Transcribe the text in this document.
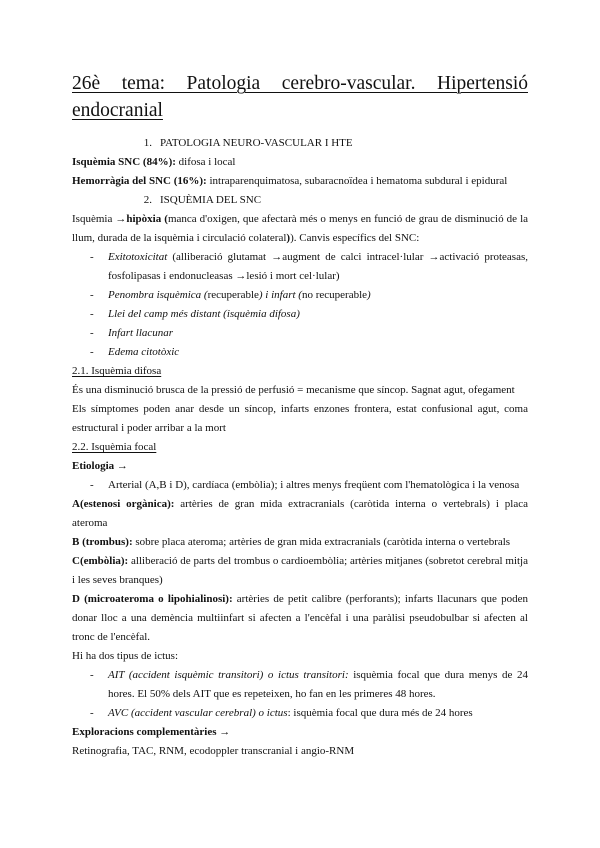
26è tema: Patologia cerebro-vascular. Hipertensió
endocranial

1. PATOLOGIA NEURO-VASCULAR I HTE

Isquèmia SNC (84%): difosa i local

Hemorràgia del SNC (16%): intraparenquimatosa, subaracnoïdea i hematoma subdural i epidural

2. ISQUÈMIA DEL SNC

Isquèmia →hipòxia (manca d'oxigen, que afectarà més o menys en funció de grau de disminució de la llum, durada de la isquèmia i circulació colateral)). Canvis específics del SNC:

- Exitotoxicitat (alliberació glutamat →augment de calci intracel·lular →activació proteasas, fosfolipasas i endonucleasas →lesió i mort cel·lular)

- Penombra isquèmica (recuperable) i infart (no recuperable)

- Llei del camp més distant (isquèmia difosa)

- Infart llacunar

- Edema citotòxic

2.1. Isquèmia difosa

És una disminució brusca de la pressió de perfusió = mecanisme que síncop. Sagnat agut, ofegament

Els símptomes poden anar desde un síncop, infarts enzones frontera, estat confusional agut, coma estructural i poder arribar a la mort

2.2. Isquèmia focal

Etiologia →

- Arterial (A,B i D), cardíaca (embòlia); i altres menys freqüent com l'hematològica i la venosa

A(estenosi orgànica): artèries de gran mida extracranials (caròtida interna o vertebrals) i placa ateroma

B (trombus): sobre placa ateroma; artèries de gran mida extracranials (caròtida interna o vertebrals

C(embòlia): alliberació de parts del trombus o cardioembòlia; artèries mitjanes (sobretot cerebral mitja i les seves branques)

D (microateroma o lipohialinosi): artèries de petit calibre (perforants); infarts llacunars que poden donar lloc a una demència multiinfart si afecten a l'encèfal i una paràlisi pseudobulbar si afecten al tronc de l'encèfal.

Hi ha dos tipus de ictus:

- AIT (accident isquèmic transitori) o ictus transitori: isquèmia focal que dura menys de 24 hores. El 50% dels AIT que es repeteixen, ho fan en les primeres 48 hores.

- AVC (accident vascular cerebral) o ictus: isquèmia focal que dura més de 24 hores

Exploracions complementàries →

Retinografia, TAC, RNM, ecodoppler transcranial i angio-RNM
